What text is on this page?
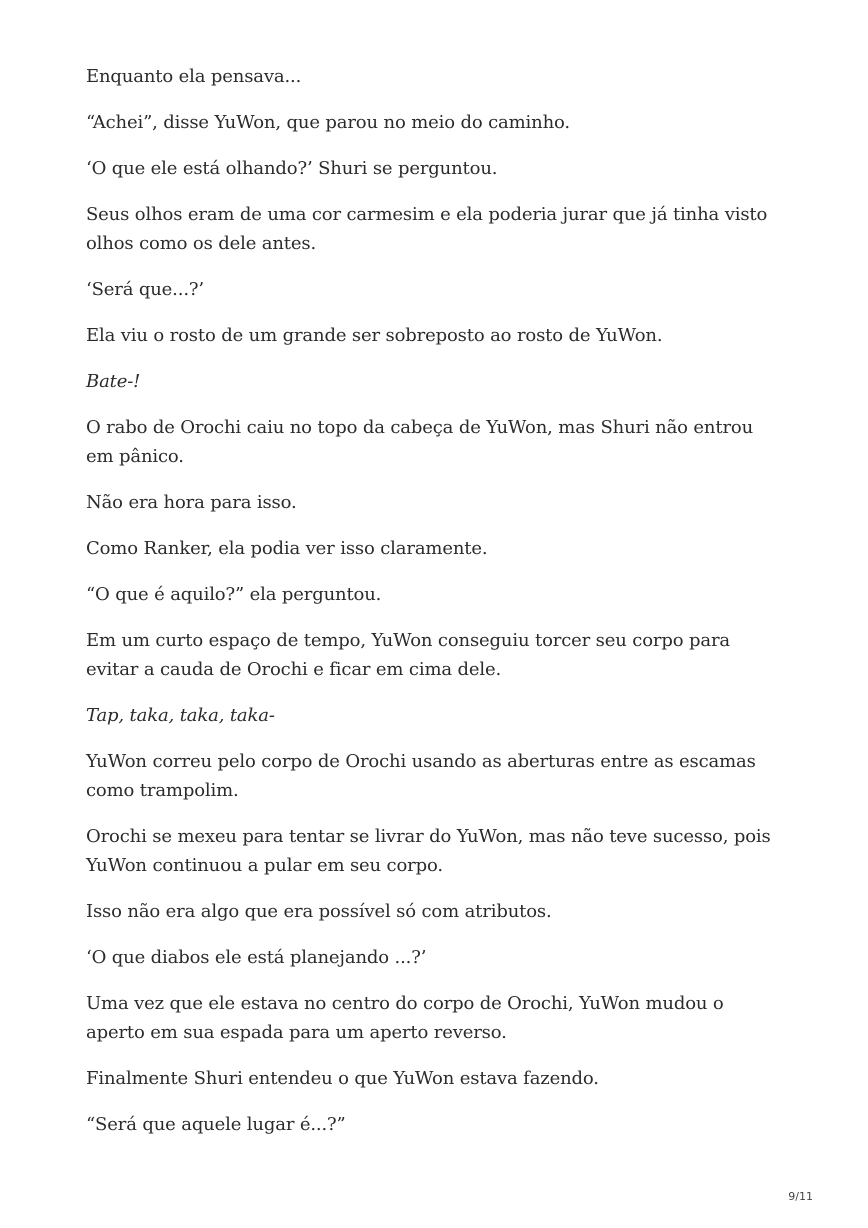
Enquanto ela pensava...

“Achei”, disse YuWon, que parou no meio do caminho.

‘O que ele está olhando?’ Shuri se perguntou.

Seus olhos eram de uma cor carmesim e ela poderia jurar que já tinha visto olhos como os dele antes.

‘Será que...?’

Ela viu o rosto de um grande ser sobreposto ao rosto de YuWon.

Bate-!

O rabo de Orochi caiu no topo da cabeça de YuWon, mas Shuri não entrou em pânico.

Não era hora para isso.

Como Ranker, ela podia ver isso claramente.

“O que é aquilo?” ela perguntou.

Em um curto espaço de tempo, YuWon conseguiu torcer seu corpo para evitar a cauda de Orochi e ficar em cima dele.

Tap, taka, taka, taka-

YuWon correu pelo corpo de Orochi usando as aberturas entre as escamas como trampolim.

Orochi se mexeu para tentar se livrar do YuWon, mas não teve sucesso, pois YuWon continuou a pular em seu corpo.

Isso não era algo que era possível só com atributos.

‘O que diabos ele está planejando ...?’

Uma vez que ele estava no centro do corpo de Orochi, YuWon mudou o aperto em sua espada para um aperto reverso.

Finalmente Shuri entendeu o que YuWon estava fazendo.

“Será que aquele lugar é...?”

9/11
